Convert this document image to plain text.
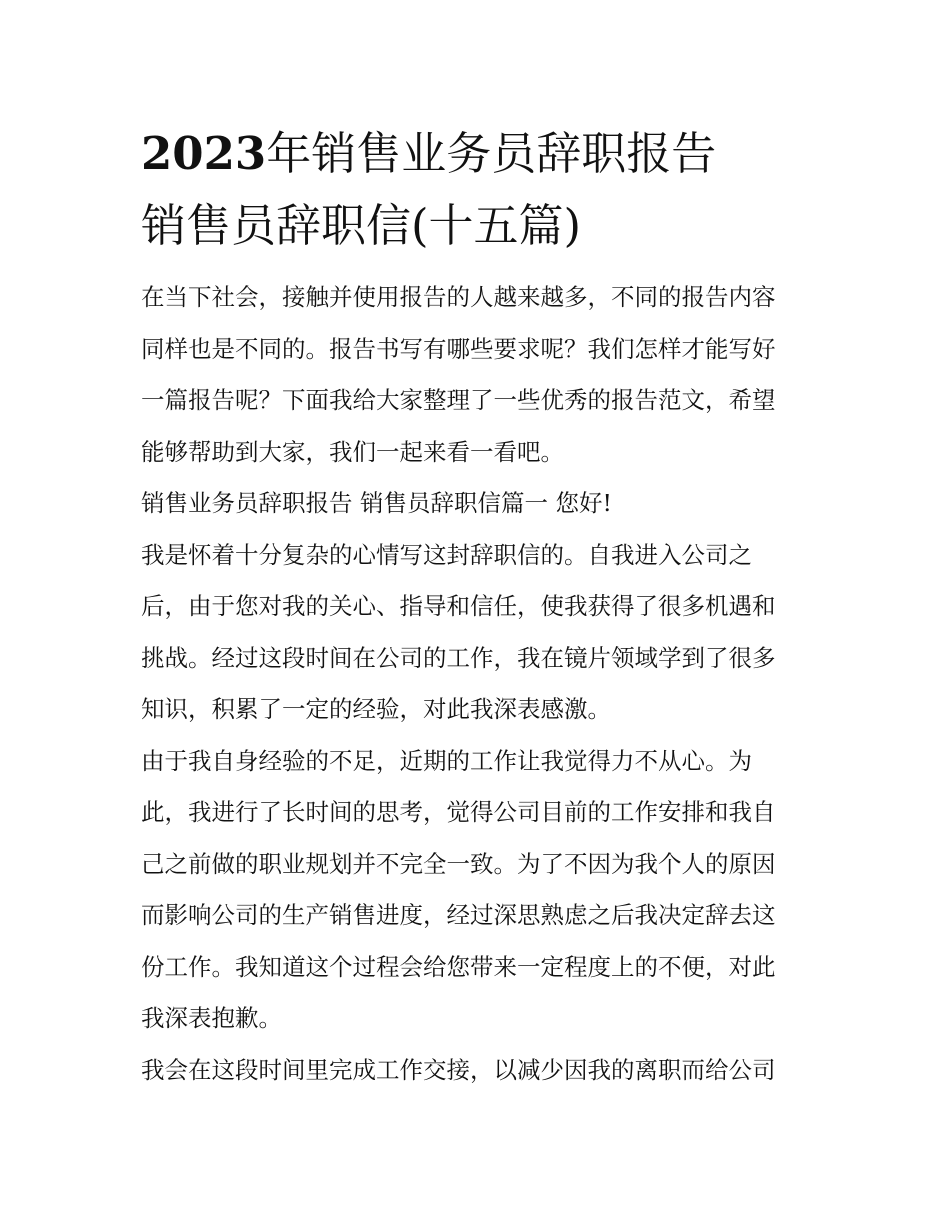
2023年销售业务员辞职报告
销售员辞职信(十五篇)

在当下社会，接触并使用报告的人越来越多，不同的报告内容
同样也是不同的。报告书写有哪些要求呢？我们怎样才能写好
一篇报告呢？下面我给大家整理了一些优秀的报告范文，希望
能够帮助到大家，我们一起来看一看吧。

销售业务员辞职报告 销售员辞职信篇一 您好!

我是怀着十分复杂的心情写这封辞职信的。自我进入公司之
后，由于您对我的关心、指导和信任，使我获得了很多机遇和
挑战。经过这段时间在公司的工作，我在镜片领域学到了很多
知识，积累了一定的经验，对此我深表感激。

由于我自身经验的不足，近期的工作让我觉得力不从心。为
此，我进行了长时间的思考，觉得公司目前的工作安排和我自
己之前做的职业规划并不完全一致。为了不因为我个人的原因
而影响公司的生产销售进度，经过深思熟虑之后我决定辞去这
份工作。我知道这个过程会给您带来一定程度上的不便，对此
我深表抱歉。

我会在这段时间里完成工作交接，以减少因我的离职而给公司
